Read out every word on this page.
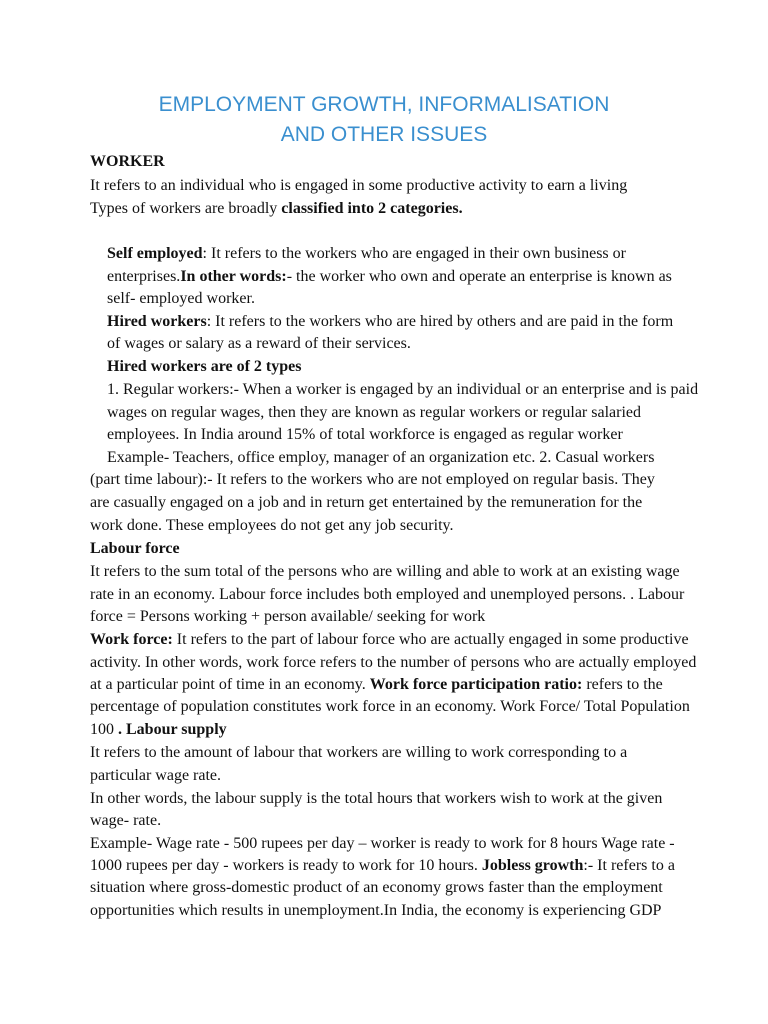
EMPLOYMENT GROWTH, INFORMALISATION
AND OTHER ISSUES
WORKER
It refers to an individual who is engaged in some productive activity to earn a living
Types of workers are broadly classified into 2 categories.
Self employed: It refers to the workers who are engaged in their own business or
enterprises.In other words:- the worker who own and operate an enterprise is known as
self- employed worker.
Hired workers: It refers to the workers who are hired by others and are paid in the form
of wages or salary as a reward of their services.
Hired workers are of 2 types
1. Regular workers:- When a worker is engaged by an individual or an enterprise and is paid
wages on regular wages, then they are known as regular workers or regular salaried
employees. In India around 15% of total workforce is engaged as regular worker
Example- Teachers, office employ, manager of an organization etc. 2. Casual workers
(part time labour):- It refers to the workers who are not employed on regular basis. They
are casually engaged on a job and in return get entertained by the remuneration for the
work done. These employees do not get any job security.
Labour force
It refers to the sum total of the persons who are willing and able to work at an existing wage
rate in an economy. Labour force includes both employed and unemployed persons. . Labour
force = Persons working + person available/ seeking for work
Work force: It refers to the part of labour force who are actually engaged in some productive
activity. In other words, work force refers to the number of persons who are actually employed
at a particular point of time in an economy. Work force participation ratio: refers to the
percentage of population constitutes work force in an economy. Work Force/ Total Population
100 . Labour supply
It refers to the amount of labour that workers are willing to work corresponding to a
particular wage rate.
In other words, the labour supply is the total hours that workers wish to work at the given
wage- rate.
Example- Wage rate - 500 rupees per day – worker is ready to work for 8 hours Wage rate -
1000 rupees per day - workers is ready to work for 10 hours. Jobless growth:- It refers to a
situation where gross-domestic product of an economy grows faster than the employment
opportunities which results in unemployment.In India, the economy is experiencing GDP
